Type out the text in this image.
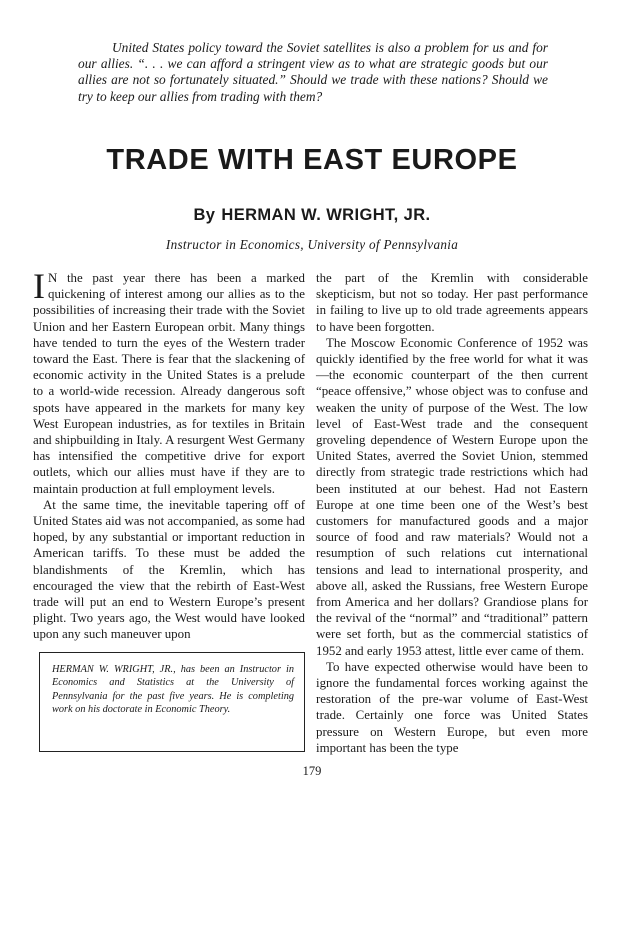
United States policy toward the Soviet satellites is also a problem for us and for our allies. “. . . we can afford a stringent view as to what are strategic goods but our allies are not so fortunately situated.” Should we trade with these nations? Should we try to keep our allies from trading with them?
TRADE WITH EAST EUROPE
By HERMAN W. WRIGHT, JR.
Instructor in Economics, University of Pennsylvania

I N the past year there has been a marked quickening of interest among our allies as to the possibilities of increasing their trade with the Soviet Union and her Eastern European orbit. Many things have tended to turn the eyes of the Western trader toward the East. There is fear that the slackening of economic activity in the United States is a prelude to a world-wide recession. Already dangerous soft spots have appeared in the markets for many key West European industries, as for textiles in Britain and shipbuilding in Italy. A resurgent West Germany has intensified the competitive drive for export outlets, which our allies must have if they are to maintain production at full employment levels.

At the same time, the inevitable tapering off of United States aid was not accompanied, as some had hoped, by any substantial or important reduction in American tariffs. To these must be added the blandishments of the Kremlin, which has encouraged the view that the rebirth of East-West trade will put an end to Western Europe’s present plight. Two years ago, the West would have looked upon any such maneuver upon

HERMAN W. WRIGHT, JR., has been an Instructor in Economics and Statistics at the University of Pennsylvania for the past five years. He is completing work on his doctorate in Economic Theory.

the part of the Kremlin with considerable skepticism, but not so today. Her past performance in failing to live up to old trade agreements appears to have been forgotten.

The Moscow Economic Conference of 1952 was quickly identified by the free world for what it was—the economic counterpart of the then current “peace offensive,” whose object was to confuse and weaken the unity of purpose of the West. The low level of East-West trade and the consequent groveling dependence of Western Europe upon the United States, averred the Soviet Union, stemmed directly from strategic trade restrictions which had been instituted at our behest. Had not Eastern Europe at one time been one of the West’s best customers for manufactured goods and a major source of food and raw materials? Would not a resumption of such relations cut international tensions and lead to international prosperity, and above all, asked the Russians, free Western Europe from America and her dollars? Grandiose plans for the revival of the “normal” and “traditional” pattern were set forth, but as the commercial statistics of 1952 and early 1953 attest, little ever came of them.

To have expected otherwise would have been to ignore the fundamental forces working against the restoration of the pre-war volume of East-West trade. Certainly one force was United States pressure on Western Europe, but even more important has been the type

179
